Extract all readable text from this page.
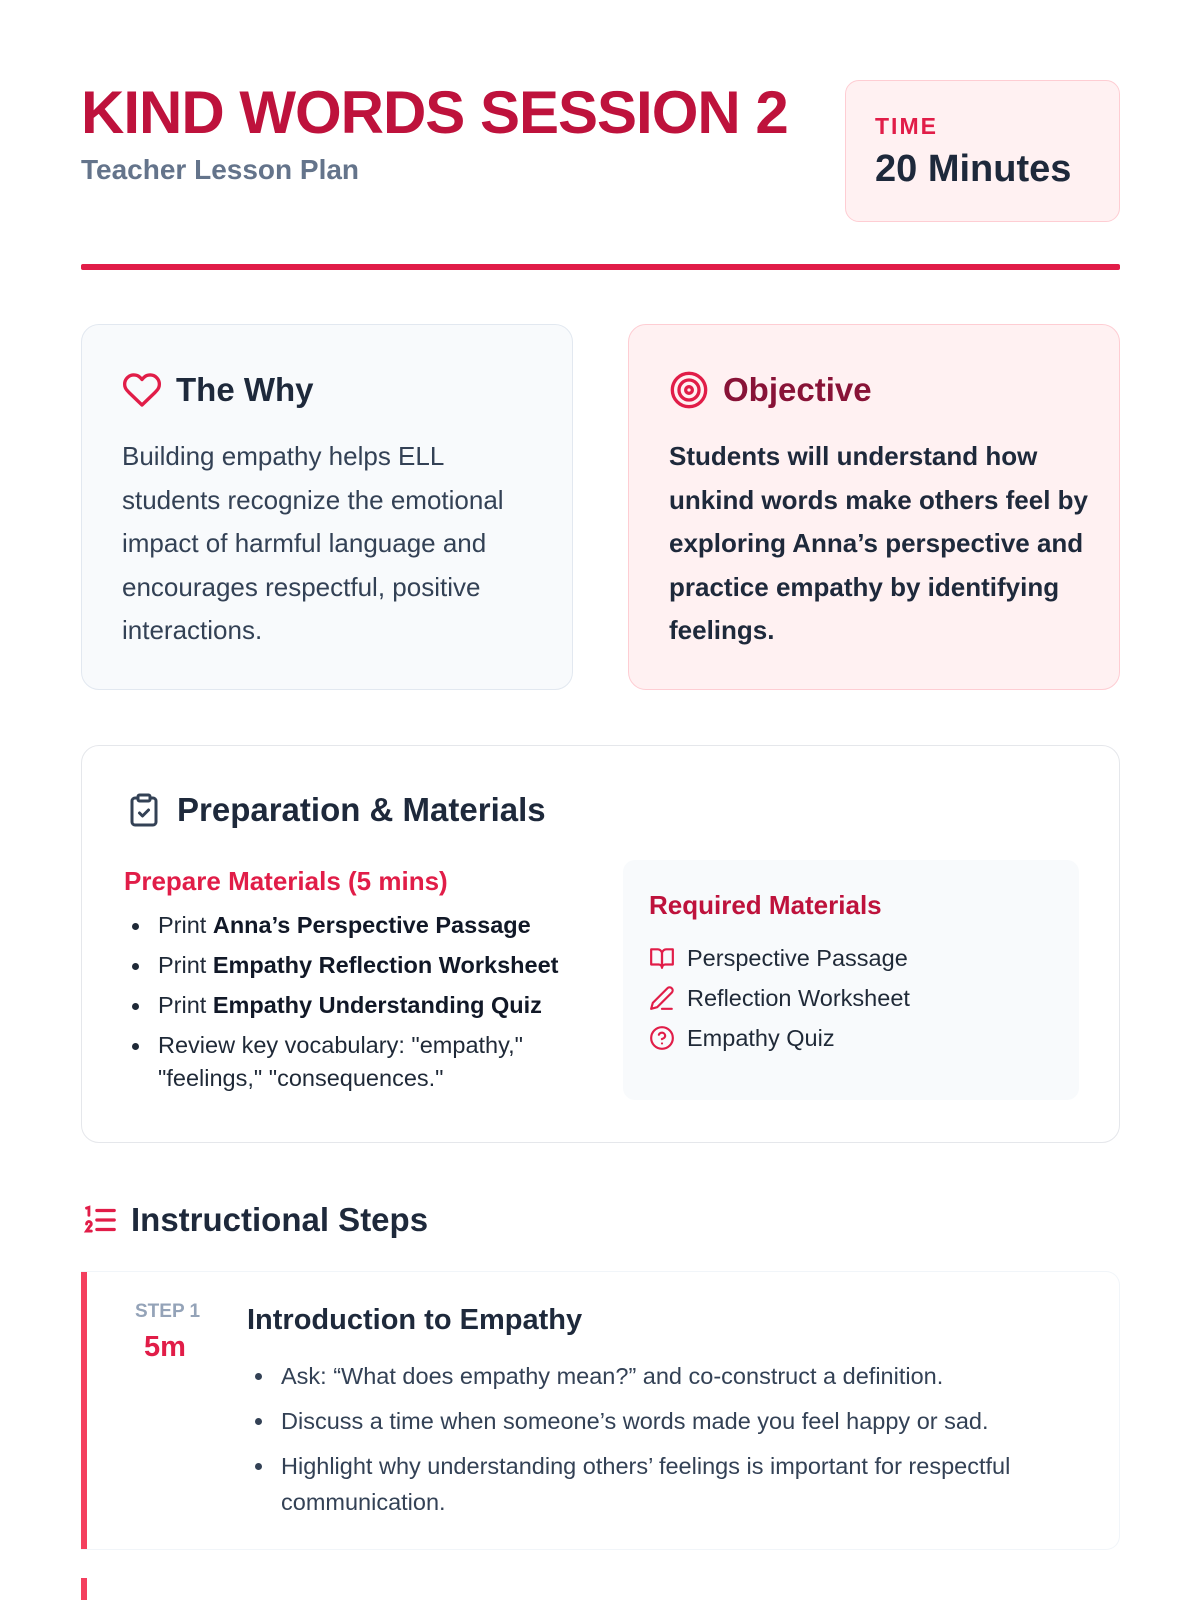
KIND WORDS SESSION 2
Teacher Lesson Plan
TIME
20 Minutes
The Why
Building empathy helps ELL students recognize the emotional impact of harmful language and encourages respectful, positive interactions.
Objective
Students will understand how unkind words make others feel by exploring Anna’s perspective and practice empathy by identifying feelings.
Preparation & Materials
Prepare Materials (5 mins)
Print Anna’s Perspective Passage
Print Empathy Reflection Worksheet
Print Empathy Understanding Quiz
Review key vocabulary: "empathy," "feelings," "consequences."
Required Materials
Perspective Passage
Reflection Worksheet
Empathy Quiz
Instructional Steps
STEP 1
5m
Introduction to Empathy
Ask: “What does empathy mean?” and co-construct a definition.
Discuss a time when someone’s words made you feel happy or sad.
Highlight why understanding others’ feelings is important for respectful communication.
